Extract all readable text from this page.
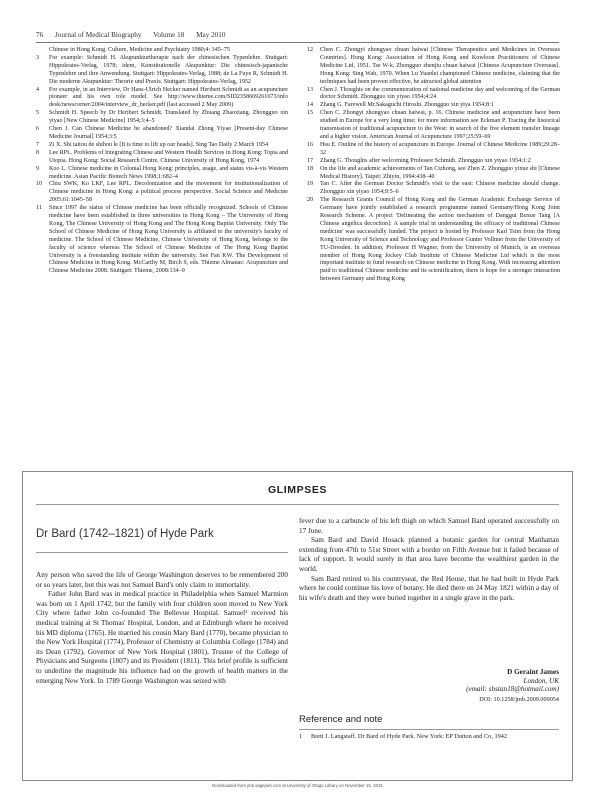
76 Journal of Medical Biography Volume 18 May 2010
Chinese in Hong Kong. Culture, Medicine and Psychiatry 1980;4: 345–75
3	For example: Schmidt H. Akupunkturtherapie nach der chinesischen Typenlehre. Stuttgart: Hippokrates-Verlag, 1978; idem, Konstitutionelle Akupunktur: Die chinesisch-japanische Typenlehre und ihre Anwendung. Stuttgart: Hippokrates-Verlag, 1988; de La Fuye R, Schmidt H. Die moderne Akupunktur: Theorie und Praxis. Stuttgart: Hippokrates-Verlag, 1952
4	For example, in an Interview, Dr Hans-Ulrich Hecker named Heribert Schmidt as an acupuncture pioneer and his own role model. See http://www.thieme.com/SID2358669261673/info desk/newscorner/2004/interview_dr_hecker.pdf (last accessed 2 May 2009)
5	Schmidt H. Speech by Dr Heribert Schmidt. Translated by Zhuang Zhaoxiang. Zhongguo xin yiyao [New Chinese Medicine] 1954;3:4–5
6	Chen J. Can Chinese Medicine be abandoned? Xiandai Zhong Yiyao [Present-day Chinese Medicine Journal] 1954;3:5
7	Zi X. Shi taitou de shihou le [It is time to lift up our heads]. Sing Tao Daily 2 March 1954
8	Lee RPL. Problems of Integrating Chinese and Western Health Services in Hong Kong: Topia and Utopia. Hong Kong: Social Research Centre, Chinese University of Hong Kong, 1974
9	Koo L. Chinese medicine in Colonial Hong Kong: principles, usage, and status vis-à-vis Western medicine. Asian Pacific Biotech News 1998;1:682–4
10	Chiu SWK, Ko LKF, Lee RPL. Decolonization and the movement for institutionalization of Chinese medicine in Hong Kong: a political process perspective. Social Science and Medicine 2005;61:1045–58
11	Since 1997 the status of Chinese medicine has been officially recognized. Schools of Chinese medicine have been established in three universities in Hong Kong – The University of Hong Kong, The Chinese University of Hong Kong and The Hong Kong Baptist University. Only The School of Chinese Medicine of Hong Kong University is affiliated to the university's faculty of medicine. The School of Chinese Medicine, Chinese University of Hong Kong, belongs to the faculty of science whereas The School of Chinese Medicine of The Hong Kong Baptist University is a freestanding institute within the university. See Fan KW. The Development of Chinese Medicine in Hong Kong. McCarthy M, Birch S, eds. Thieme Almanac: Acupuncture and Chinese Medicine 2008. Stuttgart: Thieme, 2008:134–9
12	Chen C. Zhongyi zhongyao chuan haiwai [Chinese Therapeutics and Medicines in Overseas Countries]. Hong Kong: Association of Hong Kong and Kowloon Practitioners of Chinese Medicine Ltd, 1951. Tse W-k. Zhongguo zhenjiu chuan haiwai [Chinese Acupuncture Overseas]. Hong Kong: Sing Wah, 1970. When Lu Yuanlei championed Chinese medicine, claiming that the techniques had been proven effective, he attracted global attention
13	Chen J. Thoughts on the commemoration of national medicine day and welcoming of the German doctor Schmidt. Zhongguo xin yiyao 1954;4:24
14	Zhang G. Farewell Mr.Sakaguchi Hiroshi. Zhongguo xin yiya 1954;8:1
15	Chen C. Zhongyi zhongyao chuan haiwai, p. 16. Chinese medicine and acupuncture have been studied in Europe for a very long time; for more information see Eckman P. Tracing the historical transmission of traditional acupuncture to the West: in search of the five element transfer lineage and a higher vision. American Journal of Acupuncture 1997;25:59–69
16	Hsu E. Outline of the history of acupuncture in Europe. Journal of Chinese Medicine 1989;29:28–32
17	Zhang G. Thoughts after welcoming Professor Schmidt. Zhongguo xin yiyao 1954;1:2
18	On the life and academic achievements of Tan Cizhong, see Zhen Z. Zhongguo yixue shi [Chinese Medical History]. Taipei: Zhiyin, 1994:438–40
19	Tan C. After the German Doctor Schmidt's visit to the east: Chinese medicine should change. Zhongguo xin yiyao 1954;9:5–6
20	The Research Grants Council of Hong Kong and the German Academic Exchange Service of Germany have jointly established a research programme named Germany/Hong Kong Joint Research Scheme. A project 'Delineating the action mechanism of Danggui Buxue Tang [A Chinese angelica decoction]: A sample trial in understanding the efficacy of traditional Chinese medicine' was successfully funded. The project is hosted by Professor Karl Tsim from the Hong Kong University of Science and Technology and Professor Gunter Vollmer from the University of TU-Dresden. In addition, Professor H Wagner, from the University of Munich, is an overseas member of Hong Kong Jockey Club Institute of Chinese Medicine Ltd which is the most important institute to fund research on Chinese medicine in Hong Kong. With increasing attention paid to traditional Chinese medicine and its scientification, there is hope for a stronger interaction between Germany and Hong Kong
GLIMPSES
Dr Bard (1742–1821) of Hyde Park

Any person who saved the life of George Washington deserves to be remembered 200 or so years later, but this was not Samuel Bard's only claim to immortality.

Father John Bard was in medical practice in Philadelphia when Samuel Marmion was born on 1 April 1742, but the family with four children soon moved to New York City where father John co-founded The Bellevue Hospital. Samuel¹ received his medical training at St Thomas' Hospital, London, and at Edinburgh where he received his MD diploma (1765). He married his cousin Mary Bard (1770), became physician to the New York Hospital (1774), Professor of Chemistry at Columbia College (1784) and its Dean (1792), Governor of New York Hospital (1801), Trustee of the College of Physicians and Surgeons (1807) and its President (1811). This brief profile is sufficient to underline the magnitude his influence had on the growth of health matters in the emerging New York. In 1789 George Washington was seized with

fever due to a carbuncle of his left thigh on which Samuel Bard operated successfully on 17 June.

Sam Bard and David Hosack planned a botanic garden for central Manhattan extending from 47th to 51st Street with a border on Fifth Avenue but it failed because of lack of support. It would surely in that area have become the wealthiest garden in the world.

Sam Bard retired to his countryseat, the Red House, that he had built in Hyde Park where he could continue his love of botany. He died there on 24 May 1821 within a day of his wife's death and they were buried together in a single grave in the park.

D Geraint James
London, UK
(email: shstan18@hotmail.com)
DOI: 10.1258/jmb.2009.009054
Reference and note
1	Brett J. Langstaff. Dr Bard of Hyde Park. New York: EP Dutton and Co, 1942
Downloaded from jmb.sagepub.com at University of Otago Library on November 15, 2015
